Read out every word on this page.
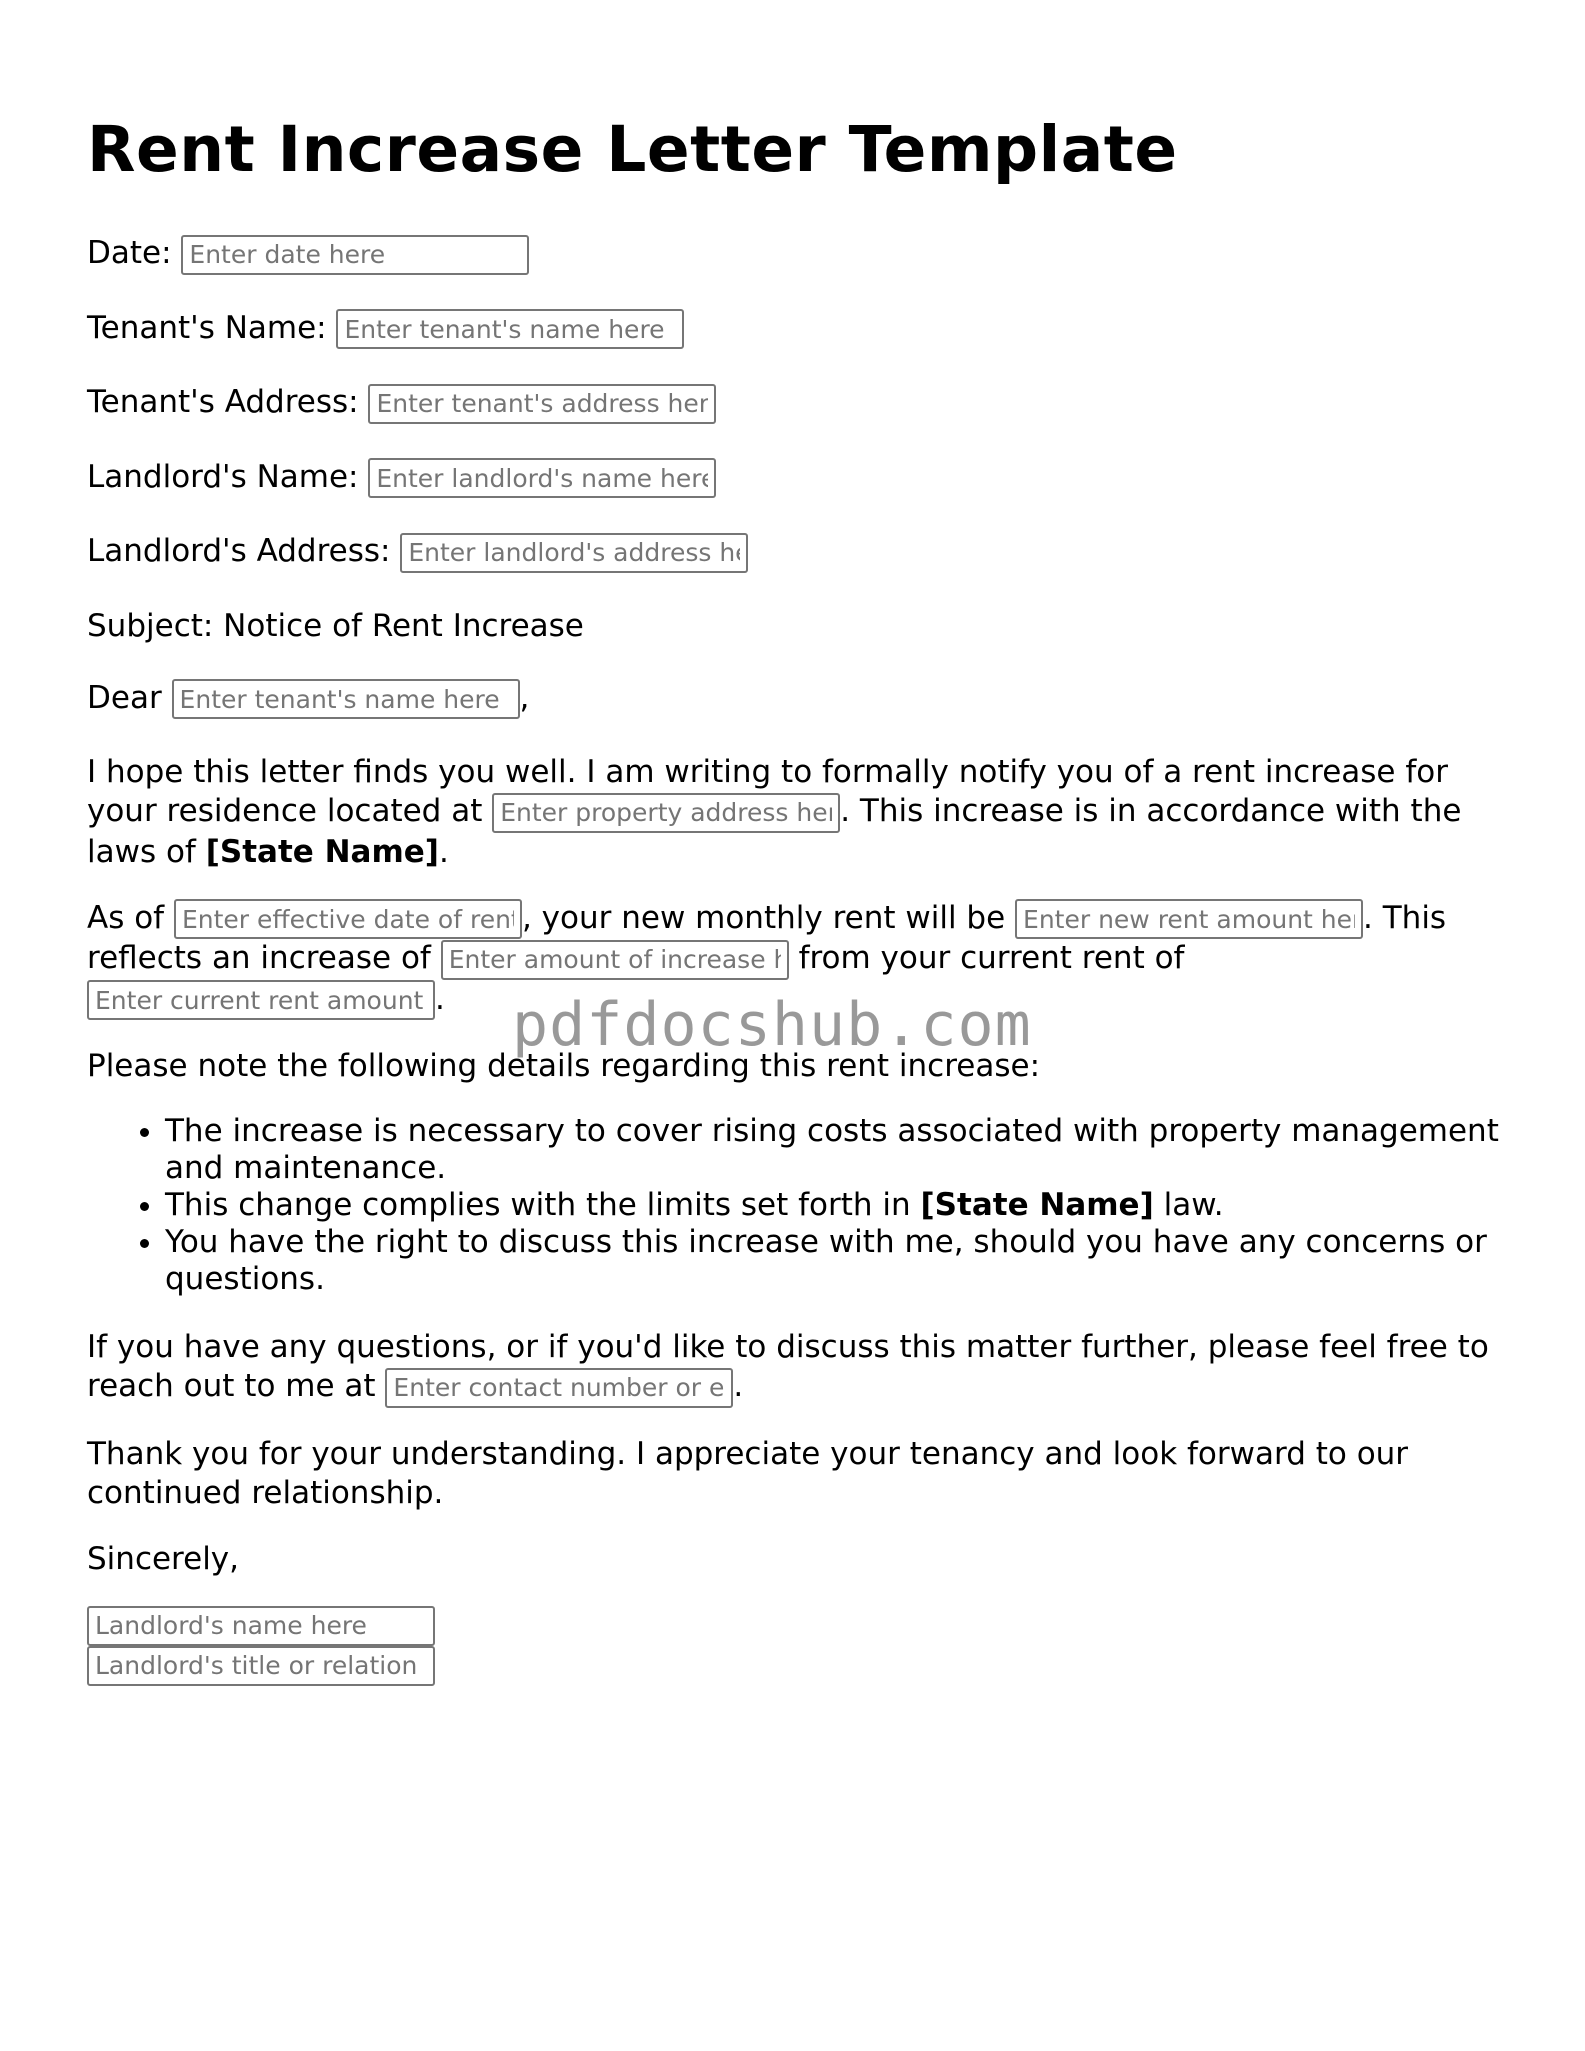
Rent Increase Letter Template
Date: Enter date here
Tenant's Name: Enter tenant's name here
Tenant's Address: Enter tenant's address here
Landlord's Name: Enter landlord's name here
Landlord's Address: Enter landlord's address here
Subject: Notice of Rent Increase
Dear Enter tenant's name here	,

I hope this letter finds you well. I am writing to formally notify you of a rent increase for your residence located at Enter property address here	. This increase is in accordance with the laws of [State Name].

As of Enter effective date of rent increase	, your new monthly rent will be Enter new rent amount here	. This reflects an increase of Enter amount of increase here	from your current rent of Enter current rent amount.

Please note the following details regarding this rent increase:

• The increase is necessary to cover rising costs associated with property management and maintenance.
• This change complies with the limits set forth in [State Name] law.
• You have the right to discuss this increase with me, should you have any concerns or questions.

If you have any questions, or if you'd like to discuss this matter further, please feel free to reach out to me at Enter contact number or email	.

Thank you for your understanding. I appreciate your tenancy and look forward to our continued relationship.

Sincerely,

Landlord's name here
Landlord's title or relation
pdfdocshub.com
